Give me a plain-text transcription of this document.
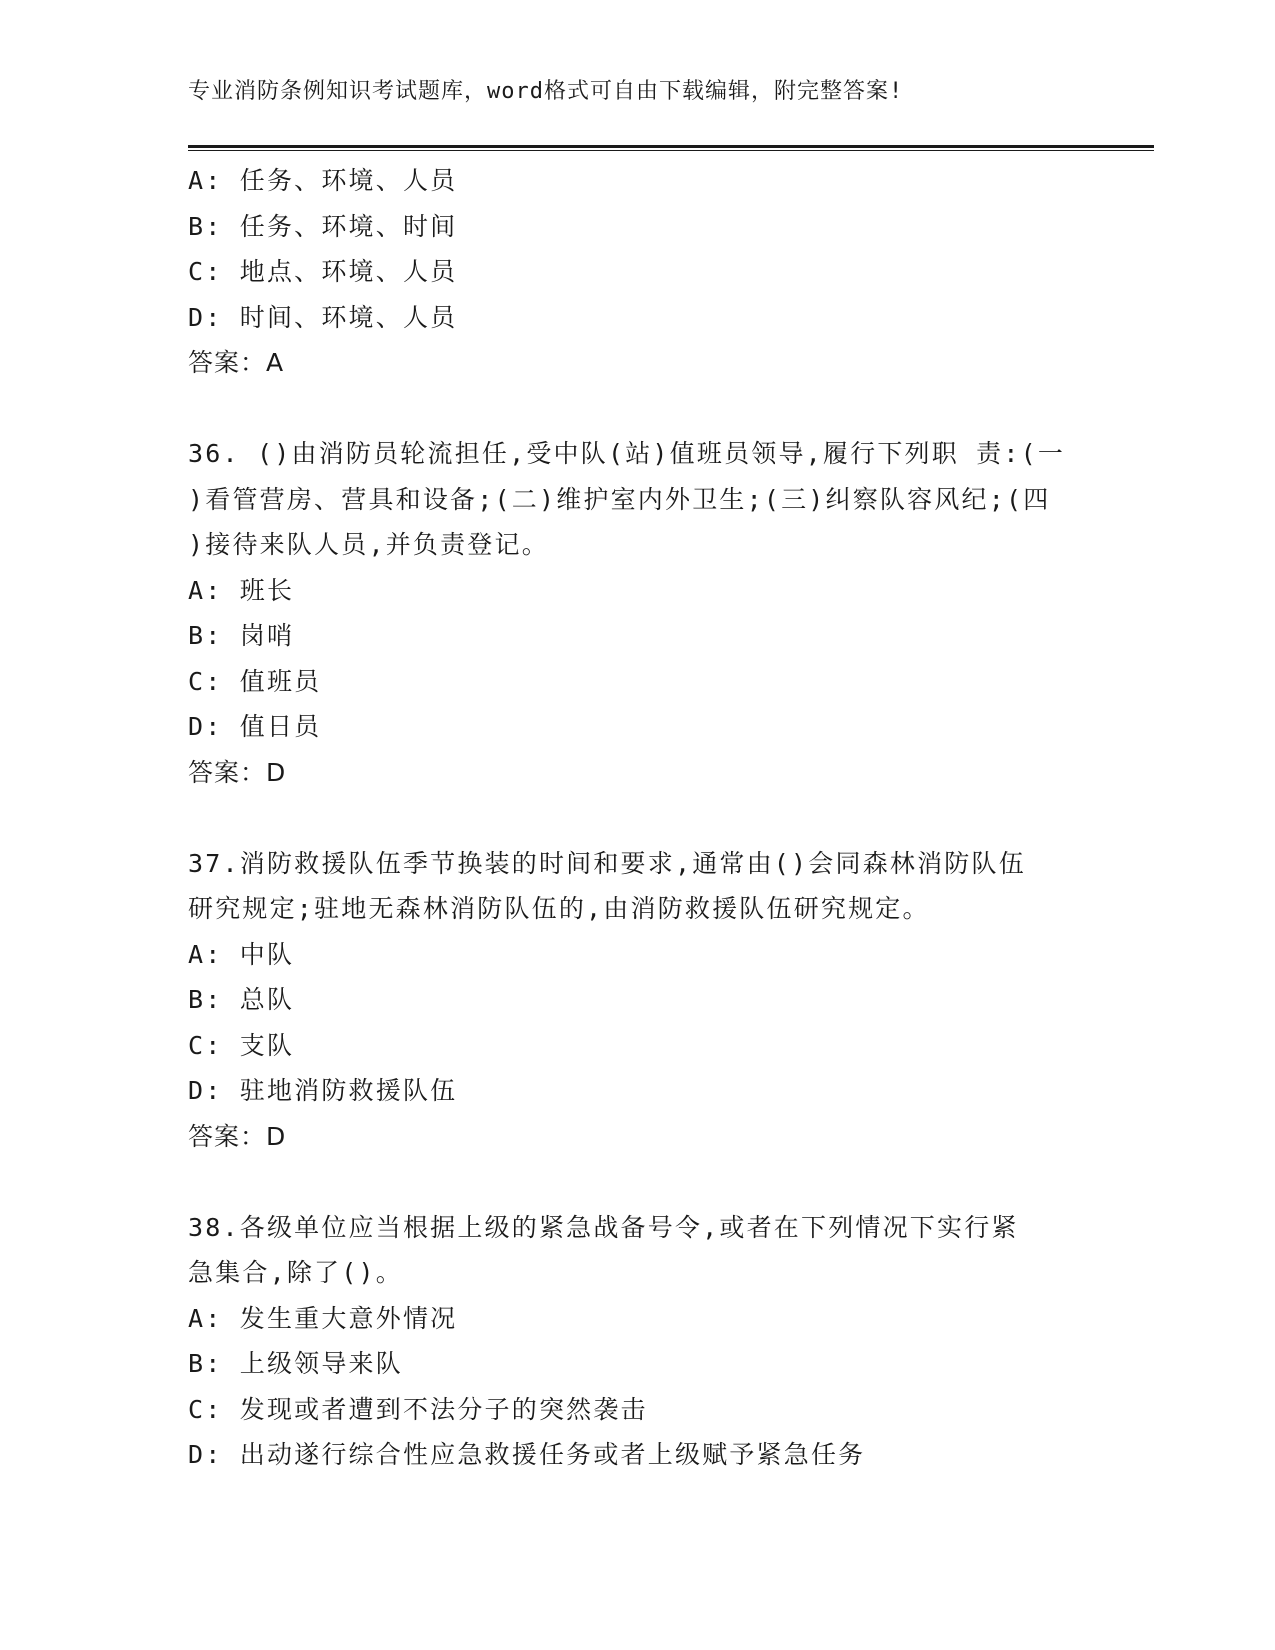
专业消防条例知识考试题库，word格式可自由下载编辑，附完整答案!
A: 任务、环境、人员
B: 任务、环境、时间
C: 地点、环境、人员
D: 时间、环境、人员
答案：A
36. ()由消防员轮流担任,受中队(站)值班员领导,履行下列职 责:(一
)看管营房、营具和设备;(二)维护室内外卫生;(三)纠察队容风纪;(四
)接待来队人员,并负责登记。
A: 班长
B: 岗哨
C: 值班员
D: 值日员
答案：D
37.消防救援队伍季节换装的时间和要求,通常由()会同森林消防队伍
研究规定;驻地无森林消防队伍的,由消防救援队伍研究规定。
A: 中队
B: 总队
C: 支队
D: 驻地消防救援队伍
答案：D
38.各级单位应当根据上级的紧急战备号令,或者在下列情况下实行紧
急集合,除了()。
A: 发生重大意外情况
B: 上级领导来队
C: 发现或者遭到不法分子的突然袭击
D: 出动遂行综合性应急救援任务或者上级赋予紧急任务
